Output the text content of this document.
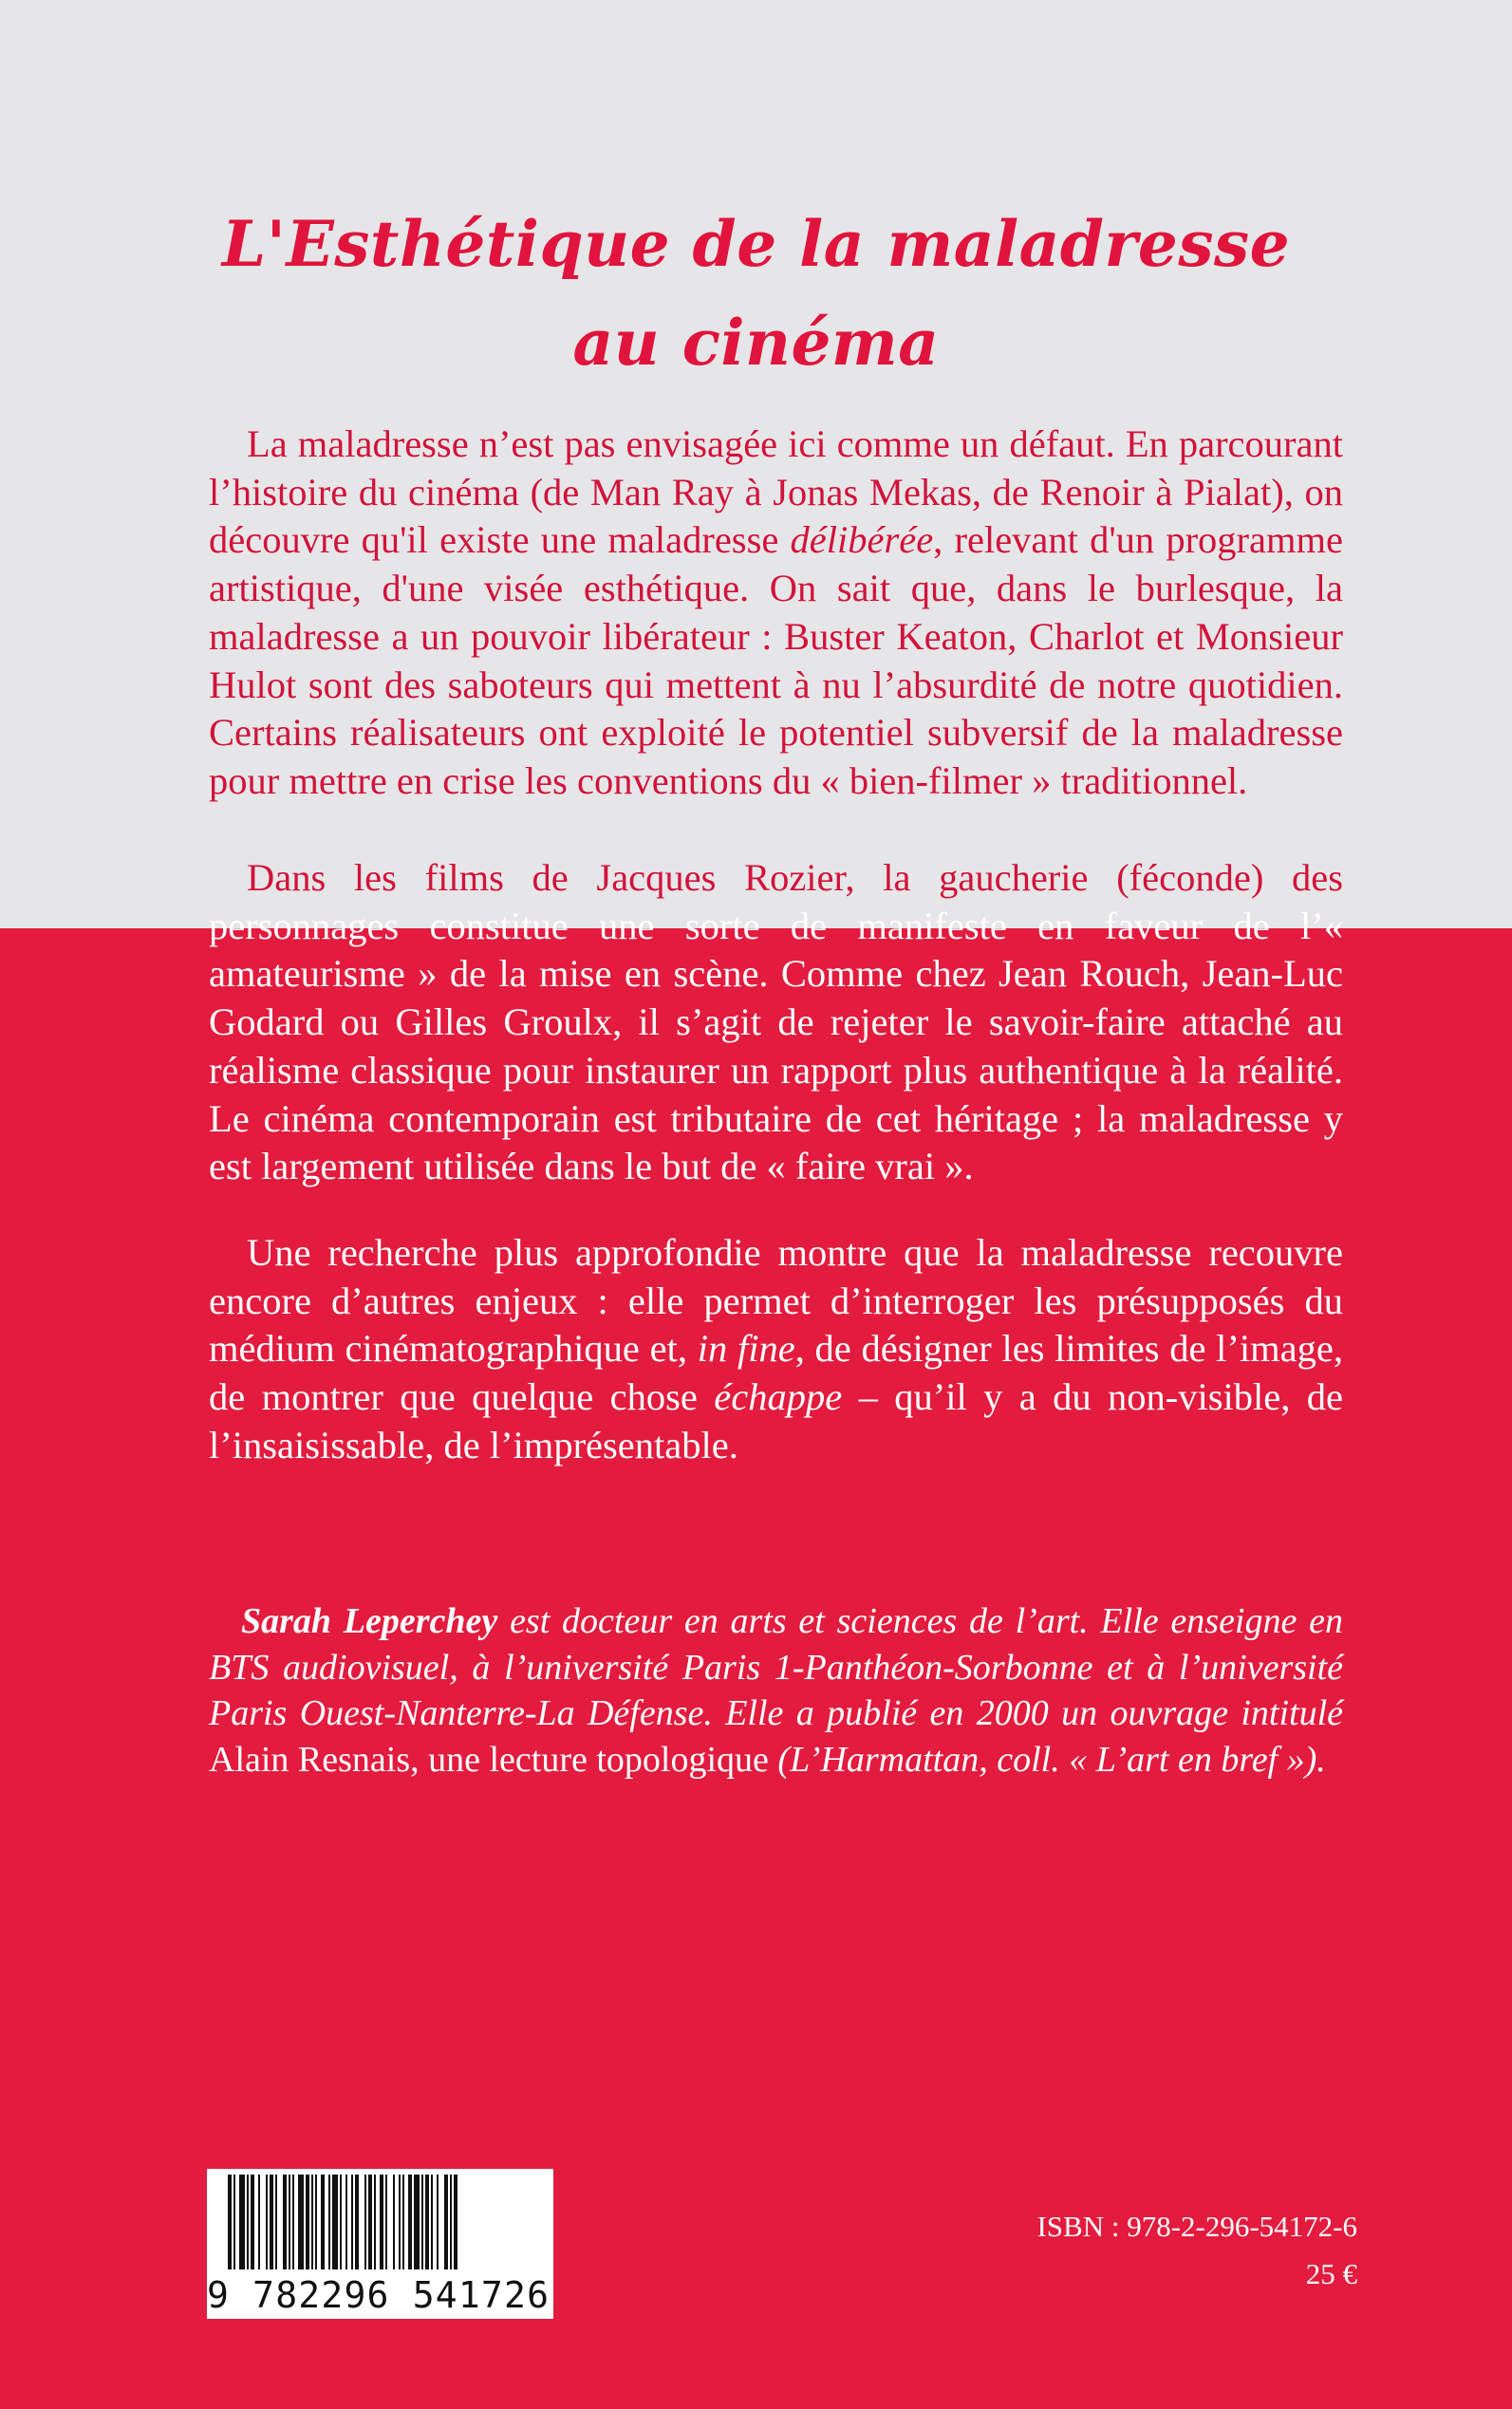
L'Esthétique de la maladresse
au cinéma

La maladresse n’est pas envisagée ici comme un défaut. En parcourant l’histoire du cinéma (de Man Ray à Jonas Mekas, de Renoir à Pialat), on découvre qu'il existe une maladresse délibérée, relevant d'un programme artistique, d'une visée esthétique. On sait que, dans le burlesque, la maladresse a un pouvoir libérateur : Buster Keaton, Charlot et Monsieur Hulot sont des saboteurs qui mettent à nu l’absurdité de notre quotidien. Certains réalisateurs ont exploité le potentiel subversif de la maladresse pour mettre en crise les conventions du « bien-filmer » traditionnel.

Dans les films de Jacques Rozier, la gaucherie (féconde) des personnages constitue une sorte de manifeste en faveur de l’« amateurisme » de la mise en scène. Comme chez Jean Rouch, Jean-Luc Godard ou Gilles Groulx, il s’agit de rejeter le savoir-faire attaché au réalisme classique pour instaurer un rapport plus authentique à la réalité. Le cinéma contemporain est tributaire de cet héritage ; la maladresse y est largement utilisée dans le but de « faire vrai ».

Une recherche plus approfondie montre que la maladresse recouvre encore d’autres enjeux : elle permet d’interroger les présupposés du médium cinématographique et, in fine, de désigner les limites de l’image, de montrer que quelque chose échappe – qu’il y a du non-visible, de l’insaisissable, de l’imprésentable.

Sarah Leperchey est docteur en arts et sciences de l’art. Elle enseigne en BTS audiovisuel, à l’université Paris 1-Panthéon-Sorbonne et à l’université Paris Ouest-Nanterre-La Défense. Elle a publié en 2000 un ouvrage intitulé Alain Resnais, une lecture topologique (L’Harmattan, coll. « L’art en bref »).

9 782296 541726
ISBN : 978-2-296-54172-6
25 €
